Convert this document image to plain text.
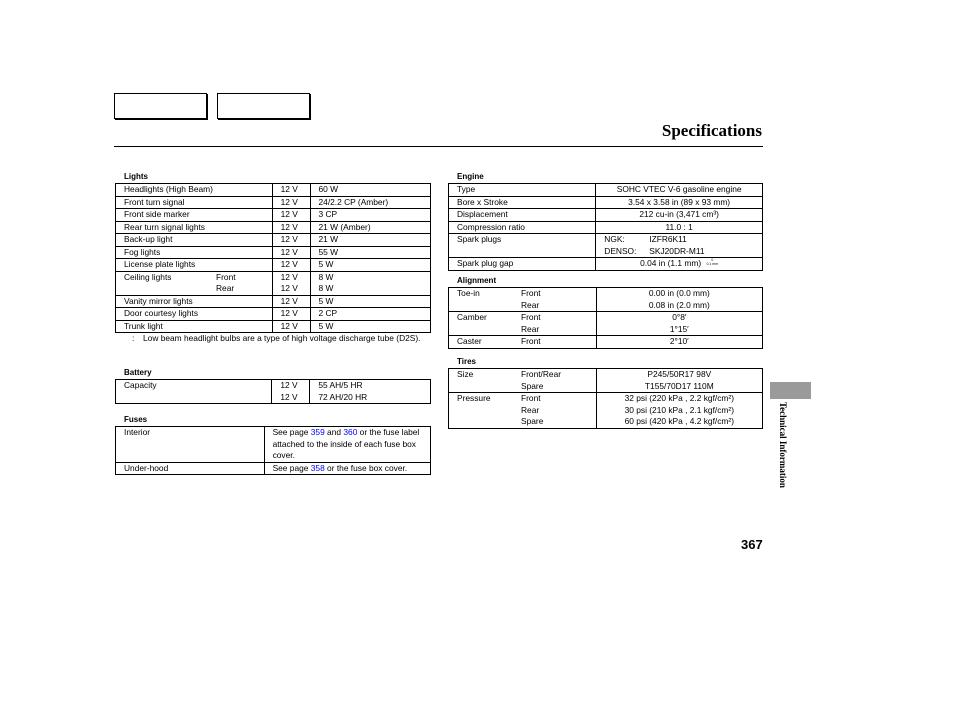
Specifications
Lights
Headlights (High Beam)	12 V	60 W
Front turn signal	12 V	24/2.2 CP (Amber)
Front side marker	12 V	3 CP
Rear turn signal lights	12 V	21 W (Amber)
Back-up light	12 V	21 W
Fog lights	12 V	55 W
License plate lights	12 V	5 W
Ceiling lights Front	12 V	8 W
Rear	12 V	8 W
Vanity mirror lights	12 V	5 W
Door courtesy lights	12 V	2 CP
Trunk light	12 V	5 W
: Low beam headlight bulbs are a type of high voltage discharge tube (D2S).
Battery
Capacity	12 V	55 AH/5 HR
	12 V	72 AH/20 HR
Fuses
Interior	See page 359 and 360 or the fuse label attached to the inside of each fuse box cover.
Under-hood	See page 358 or the fuse box cover.
Engine
Type	SOHC VTEC V-6 gasoline engine
Bore x Stroke	3.54 x 3.58 in (89 x 93 mm)
Displacement	212 cu-in (3,471 cm³)
Compression ratio	11.0 : 1
Spark plugs	NGK: IZFR6K11
	DENSO: SKJ20DR-M11
Spark plug gap	0.04 in (1.1 mm) 0
0.1 mm
Alignment
Toe-in Front	0.00 in (0.0 mm)
Rear	0.08 in (2.0 mm)
Camber Front	0°8′
Rear	1°15′
Caster Front	2°10′
Tires
Size Front/Rear	P245/50R17 98V
Spare	T155/70D17 110M
Pressure Front	32 psi (220 kPa , 2.2 kgf/cm²)
Rear	30 psi (210 kPa , 2.1 kgf/cm²)
Spare	60 psi (420 kPa , 4.2 kgf/cm²)	Technical Information
367
